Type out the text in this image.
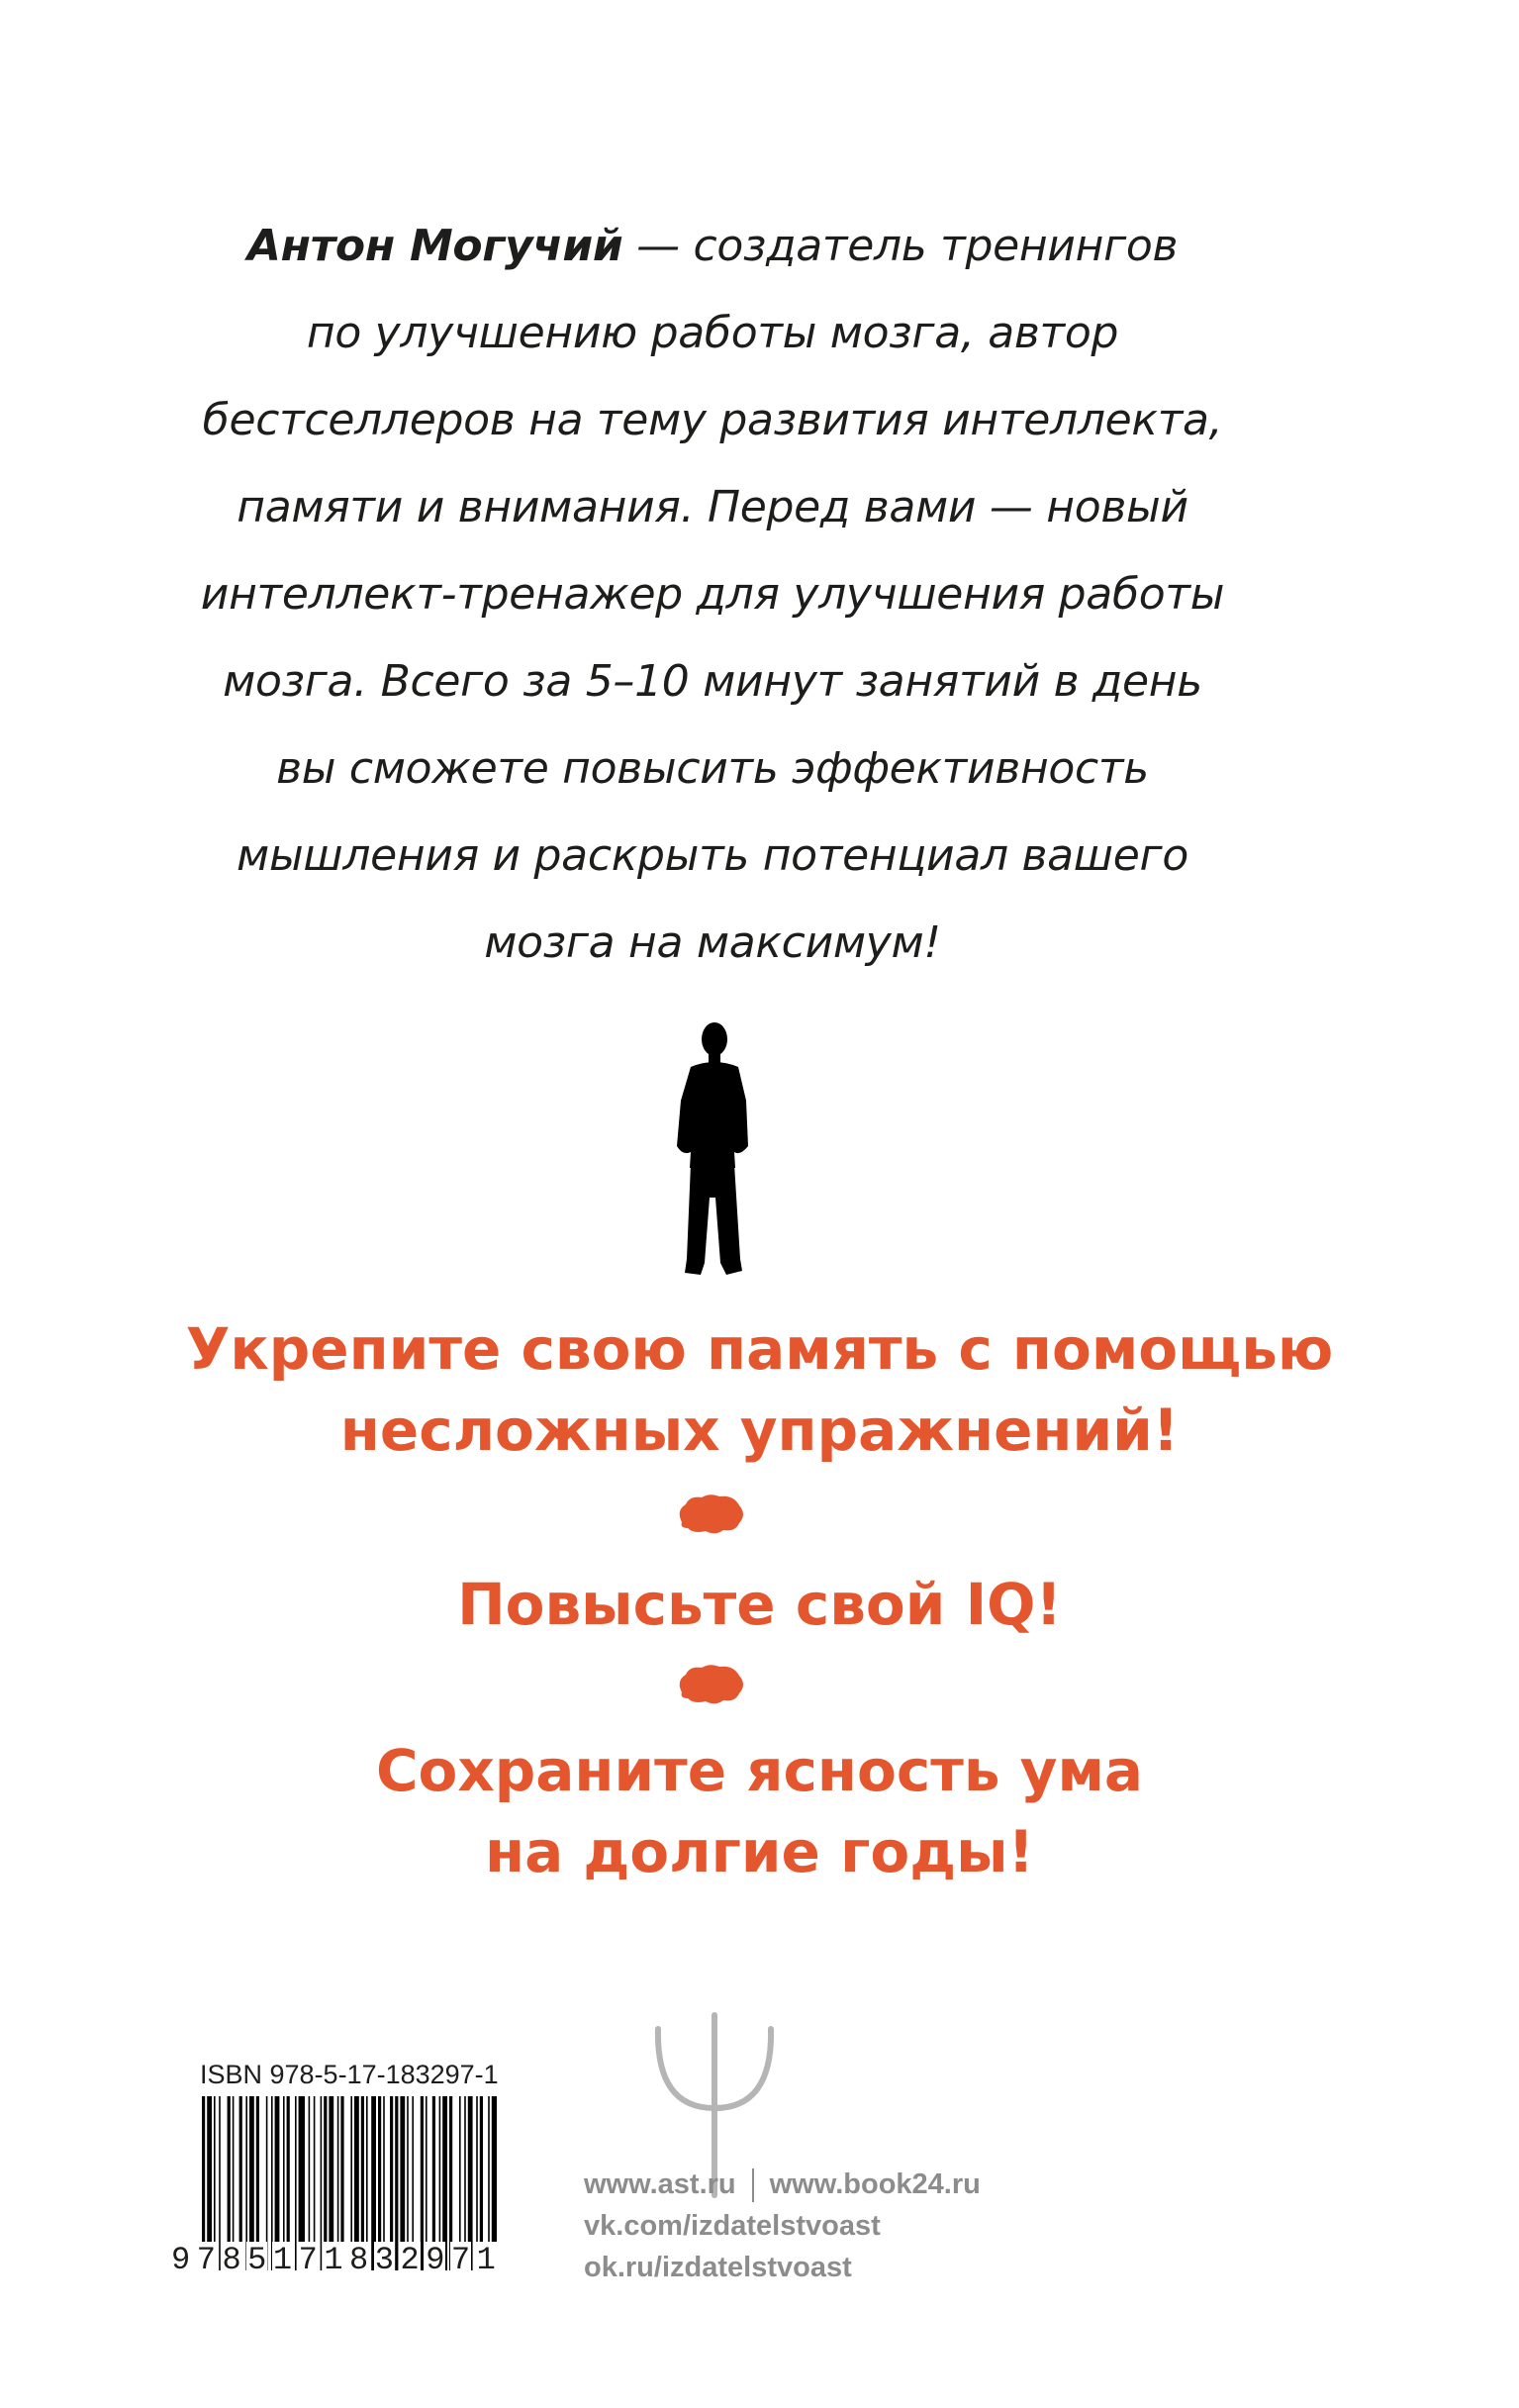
Антон Могучий — создатель тренингов
по улучшению работы мозга, автор
бестселлеров на тему развития интеллекта,
памяти и внимания. Перед вами — новый
интеллект-тренажер для улучшения работы
мозга. Всего за 5–10 минут занятий в день
вы сможете повысить эффективность
мышления и раскрыть потенциал вашего
мозга на максимум!
Укрепите свою память с помощью
несложных упражнений!
Повысьте свой IQ!
Сохраните ясность ума
на долгие годы!
ISBN 978-5-17-183297-1
9 7 8 5 1 7 1 8 3 2 9 7 1
www.ast.ru www.book24.ru
vk.com/izdatelstvoast
ok.ru/izdatelstvoast
